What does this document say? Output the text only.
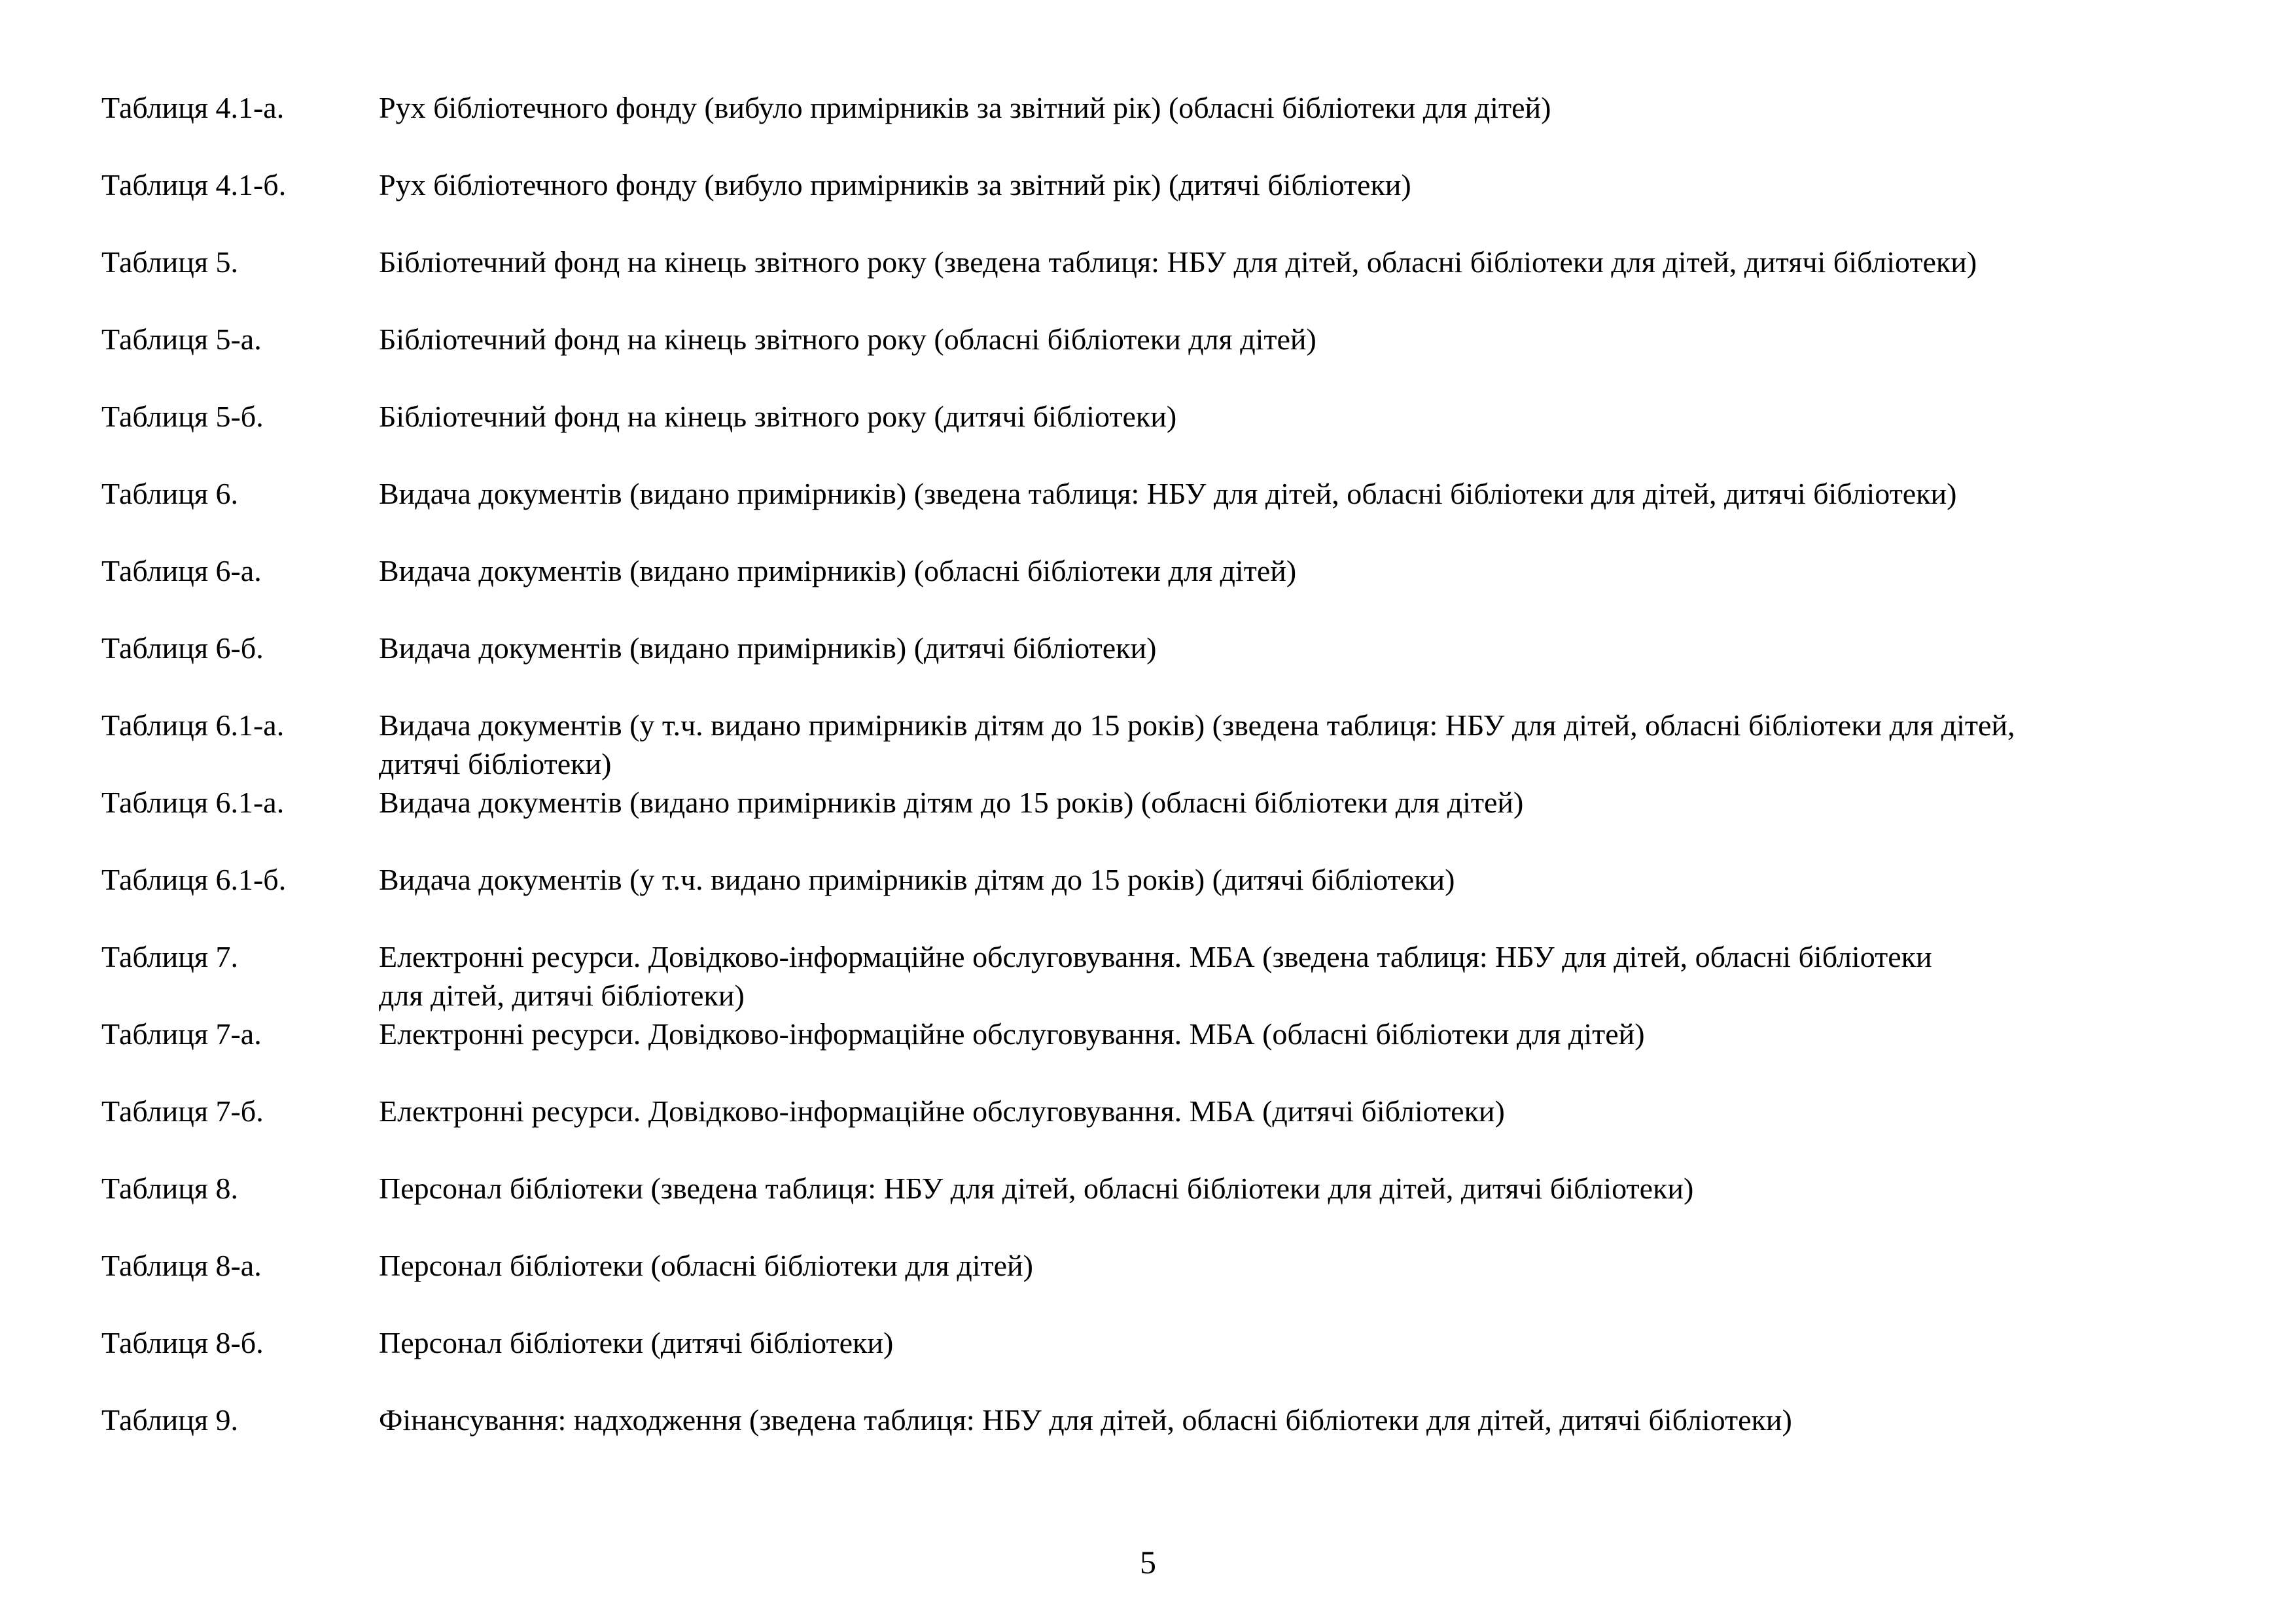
Таблиця 4.1-а.	Рух бібліотечного фонду (вибуло примірників за звітний рік) (обласні бібліотеки для дітей)
Таблиця 4.1-б.	Рух бібліотечного фонду (вибуло примірників за звітний рік) (дитячі бібліотеки)
Таблиця 5.	Бібліотечний фонд на кінець звітного року (зведена таблиця: НБУ для дітей, обласні бібліотеки для дітей, дитячі бібліотеки)
Таблиця 5-а.	Бібліотечний фонд на кінець звітного року (обласні бібліотеки для дітей)
Таблиця 5-б.	Бібліотечний фонд на кінець звітного року (дитячі бібліотеки)
Таблиця 6.	Видача документів (видано примірників) (зведена таблиця: НБУ для дітей, обласні бібліотеки для дітей, дитячі бібліотеки)
Таблиця 6-а.	Видача документів (видано примірників) (обласні бібліотеки для дітей)
Таблиця 6-б.	Видача документів (видано примірників) (дитячі бібліотеки)
Таблиця 6.1-а.	Видача документів (у т.ч. видано примірників дітям до 15 років) (зведена таблиця: НБУ для дітей, обласні бібліотеки для дітей,
дитячі бібліотеки)
Таблиця 6.1-а.	Видача документів (видано примірників дітям до 15 років) (обласні бібліотеки для дітей)
Таблиця 6.1-б.	Видача документів (у т.ч. видано примірників дітям до 15 років) (дитячі бібліотеки)
Таблиця 7.	Електронні ресурси. Довідково-інформаційне обслуговування. МБА (зведена таблиця: НБУ для дітей, обласні бібліотеки
для дітей, дитячі бібліотеки)
Таблиця 7-а.	Електронні ресурси. Довідково-інформаційне обслуговування. МБА (обласні бібліотеки для дітей)
Таблиця 7-б.	Електронні ресурси. Довідково-інформаційне обслуговування. МБА (дитячі бібліотеки)
Таблиця 8.	Персонал бібліотеки (зведена таблиця: НБУ для дітей, обласні бібліотеки для дітей, дитячі бібліотеки)
Таблиця 8-а.	Персонал бібліотеки (обласні бібліотеки для дітей)
Таблиця 8-б.	Персонал бібліотеки (дитячі бібліотеки)
Таблиця 9.	Фінансування: надходження (зведена таблиця: НБУ для дітей, обласні бібліотеки для дітей, дитячі бібліотеки)
5
